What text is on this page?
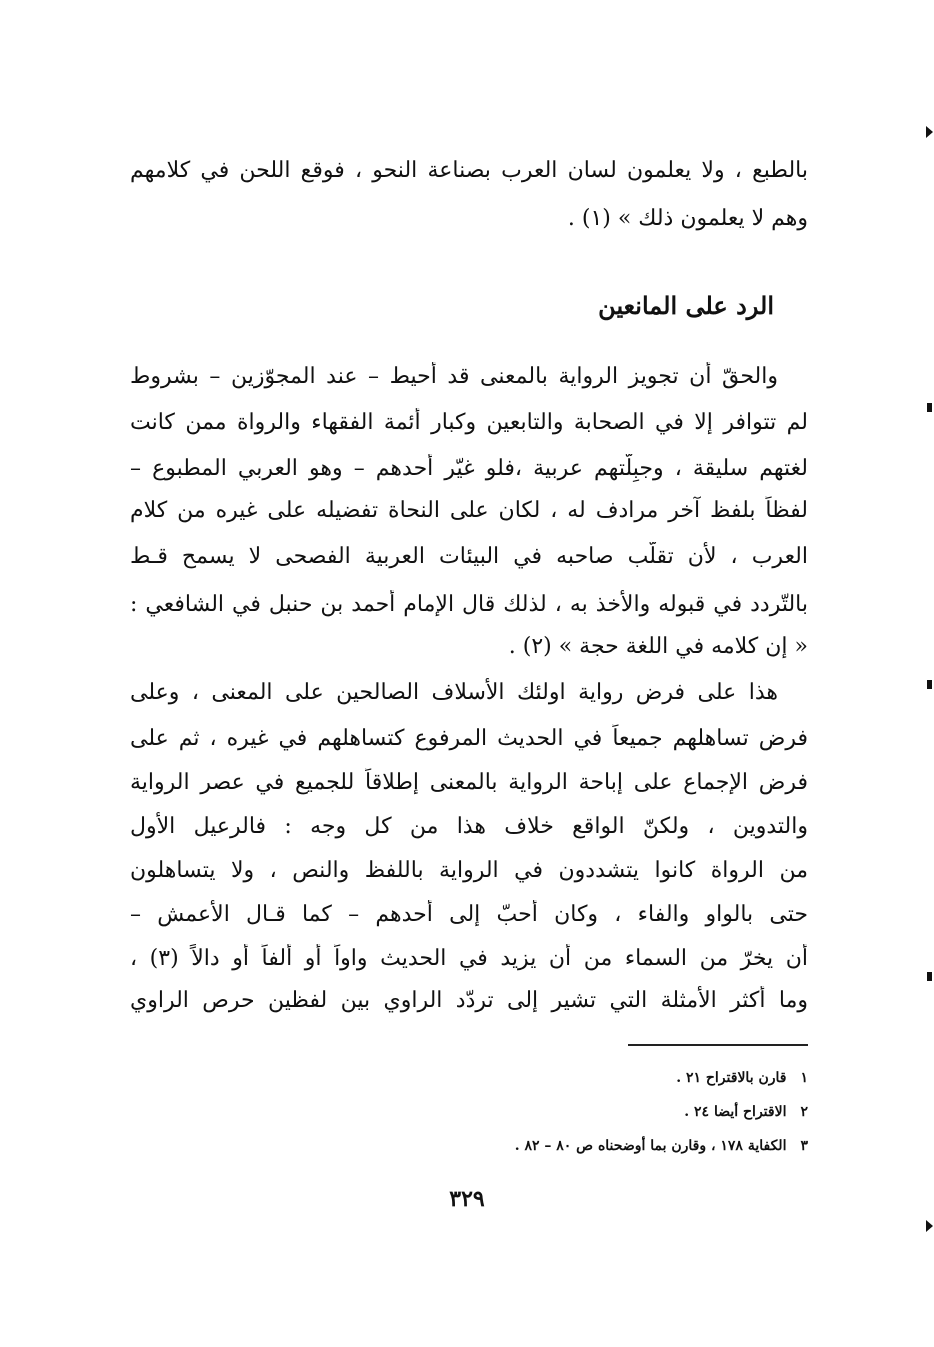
بالطبع ، ولا يعلمون لسان العرب بصناعة النحو ، فوقع اللحن في كلامهم
وهم لا يعلمون ذلك » (١) .
الرد على المانعين
والحقّ أن تجويز الرواية بالمعنى قد أحيط – عند المجوّزين – بشروط
لم تتوافر إلا في الصحابة والتابعين وكبار أئمة الفقهاء والرواة ممن كانت
لغتهم سليقة ، وجبِلّتهم عربية ،فلو غيّر أحدهم – وهو العربي المطبوع –
لفظاً بلفظ آخر مرادف له ، لكان على النحاة تفضيله على غيره من كلام
العرب ، لأن تقلّب صاحبه في البيئات العربية الفصحى لا يسمح قـط
بالتّردد في قبوله والأخذ به ، لذلك قال الإمام أحمد بن حنبل في الشافعي :
« إن كلامه في اللغة حجة » (٢) .
هذا على فرض رواية اولئك الأسلاف الصالحين على المعنى ، وعلى
فرض تساهلهم جميعاً في الحديث المرفوع كتساهلهم في غيره ، ثم على
فرض الإجماع على إباحة الرواية بالمعنى إطلاقاً للجميع في عصر الرواية
والتدوين ، ولكنّ الواقع خلاف هذا من كل وجه : فالرعيل الأول
من الرواة كانوا يتشددون في الرواية باللفظ والنص ، ولا يتساهلون
حتى بالواو والفاء ، وكان أحبّ إلى أحدهم – كما قـال الأعمش –
أن يخرّ من السماء من أن يزيد في الحديث واواً أو ألفاً أو دالاً (٣) ،
وما أكثر الأمثلة التي تشير إلى تردّد الراوي بين لفظين حرص الراوي
١
قارن بالاقتراح ٢١ .
٢
الاقتراح أيضا ٢٤ .
٣
الكفاية ١٧٨ ، وقارن بما أوضحناه ص ٨٠ – ٨٢ .
٣٢٩
